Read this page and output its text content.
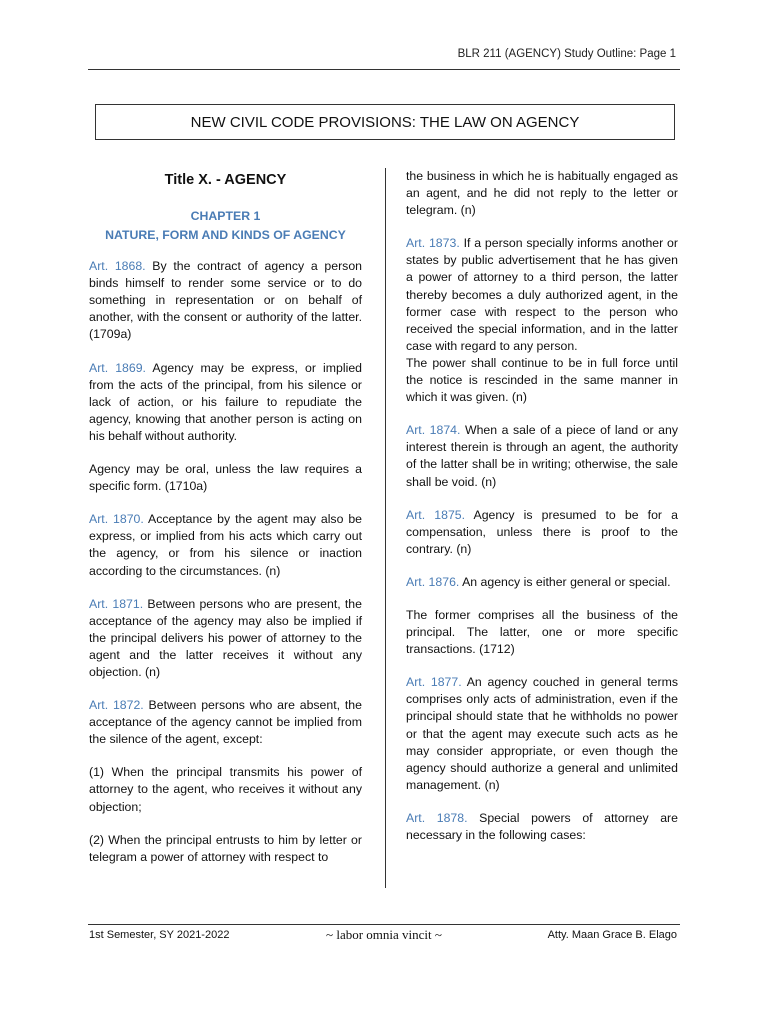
BLR 211 (AGENCY) Study Outline: Page 1
NEW CIVIL CODE PROVISIONS: THE LAW ON AGENCY
Title X. - AGENCY
CHAPTER 1
NATURE, FORM AND KINDS OF AGENCY

Art. 1868. By the contract of agency a person binds himself to render some service or to do something in representation or on behalf of another, with the consent or authority of the latter. (1709a)

Art. 1869. Agency may be express, or implied from the acts of the principal, from his silence or lack of action, or his failure to repudiate the agency, knowing that another person is acting on his behalf without authority.

Agency may be oral, unless the law requires a specific form. (1710a)

Art. 1870. Acceptance by the agent may also be express, or implied from his acts which carry out the agency, or from his silence or inaction according to the circumstances. (n)

Art. 1871. Between persons who are present, the acceptance of the agency may also be implied if the principal delivers his power of attorney to the agent and the latter receives it without any objection. (n)

Art. 1872. Between persons who are absent, the acceptance of the agency cannot be implied from the silence of the agent, except:

(1) When the principal transmits his power of attorney to the agent, who receives it without any objection;

(2) When the principal entrusts to him by letter or telegram a power of attorney with respect to

the business in which he is habitually engaged as an agent, and he did not reply to the letter or telegram. (n)

Art. 1873. If a person specially informs another or states by public advertisement that he has given a power of attorney to a third person, the latter thereby becomes a duly authorized agent, in the former case with respect to the person who received the special information, and in the latter case with regard to any person.

The power shall continue to be in full force until the notice is rescinded in the same manner in which it was given. (n)

Art. 1874. When a sale of a piece of land or any interest therein is through an agent, the authority of the latter shall be in writing; otherwise, the sale shall be void. (n)

Art. 1875. Agency is presumed to be for a compensation, unless there is proof to the contrary. (n)

Art. 1876. An agency is either general or special.

The former comprises all the business of the principal. The latter, one or more specific transactions. (1712)

Art. 1877. An agency couched in general terms comprises only acts of administration, even if the principal should state that he withholds no power or that the agent may execute such acts as he may consider appropriate, or even though the agency should authorize a general and unlimited management. (n)

Art. 1878. Special powers of attorney are necessary in the following cases:

1st Semester, SY 2021-2022	~ labor omnia vincit ~	Atty. Maan Grace B. Elago
